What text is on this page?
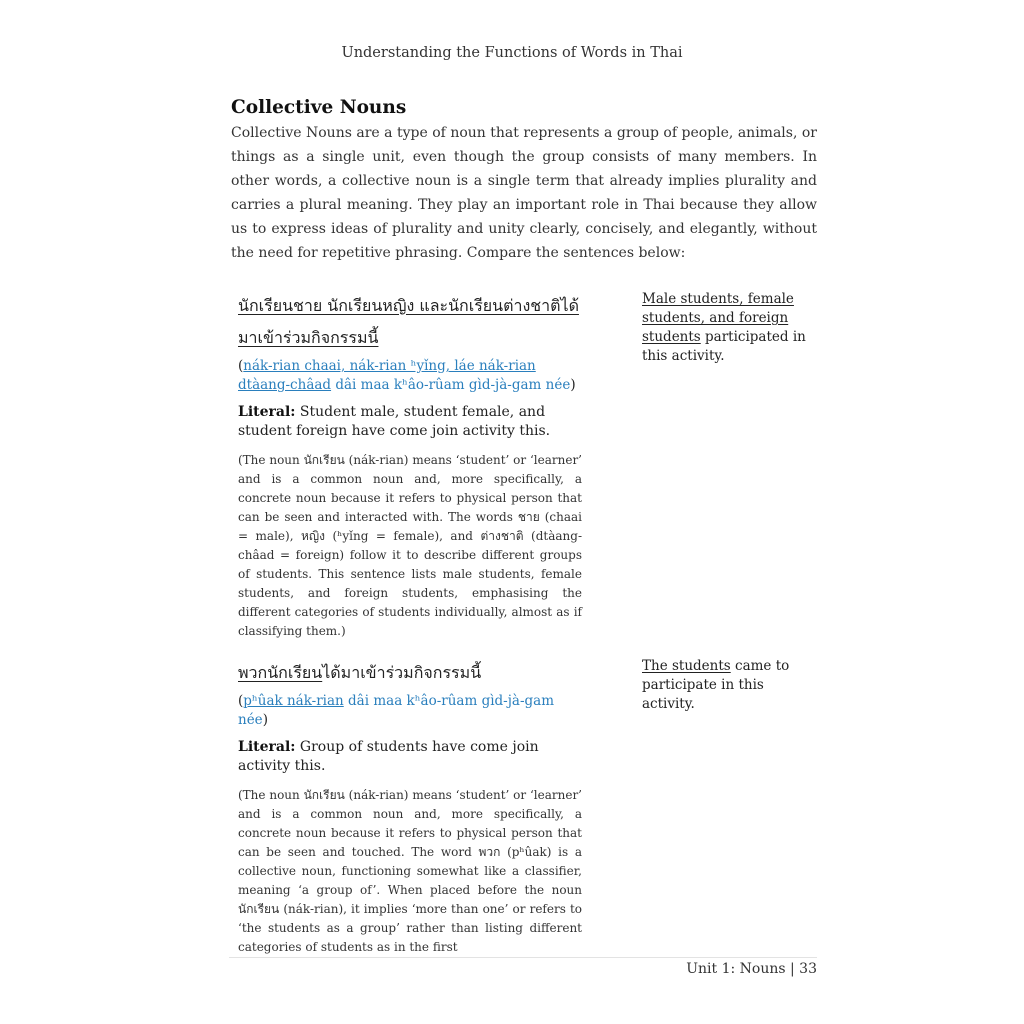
Understanding the Functions of Words in Thai
Collective Nouns

Collective Nouns are a type of noun that represents a group of people, animals, or things as a single unit, even though the group consists of many members. In other words, a collective noun is a single term that already implies plurality and carries a plural meaning. They play an important role in Thai because they allow us to express ideas of plurality and unity clearly, concisely, and elegantly, without the need for repetitive phrasing. Compare the sentences below:

นักเรียนชาย นักเรียนหญิง และนักเรียนต่างชาติได้มาเข้าร่วมกิจกรรมนี้

(nák-rian chaai, nák-rian ʰyǐng, láe nák-rian dtàang-châad dâi maa kʰâo-rûam gìd-jà-gam née)

Literal: Student male, student female, and student foreign have come join activity this.

(The noun นักเรียน (nák-rian) means ‘student’ or ‘learner’ and is a common noun and, more specifically, a concrete noun because it refers to physical person that can be seen and interacted with. The words ชาย (chaai = male), หญิง (ʰyǐng = female), and ต่างชาติ (dtàang-châad = foreign) follow it to describe different groups of students. This sentence lists male students, female students, and foreign students, emphasising the different categories of students individually, almost as if classifying them.)

Male students, female students, and foreign students participated in this activity.

พวกนักเรียนได้มาเข้าร่วมกิจกรรมนี้

(pʰûak nák-rian dâi maa kʰâo-rûam gìd-jà-gam née)

Literal: Group of students have come join activity this.

(The noun นักเรียน (nák-rian) means ‘student’ or ‘learner’ and is a common noun and, more specifically, a concrete noun because it refers to physical person that can be seen and touched. The word พวก (pʰûak) is a collective noun, functioning somewhat like a classifier, meaning ‘a group of’. When placed before the noun นักเรียน (nák-rian), it implies ‘more than one’ or refers to ‘the students as a group’ rather than listing different categories of students as in the first

The students came to participate in this activity.

Unit 1: Nouns | 33
